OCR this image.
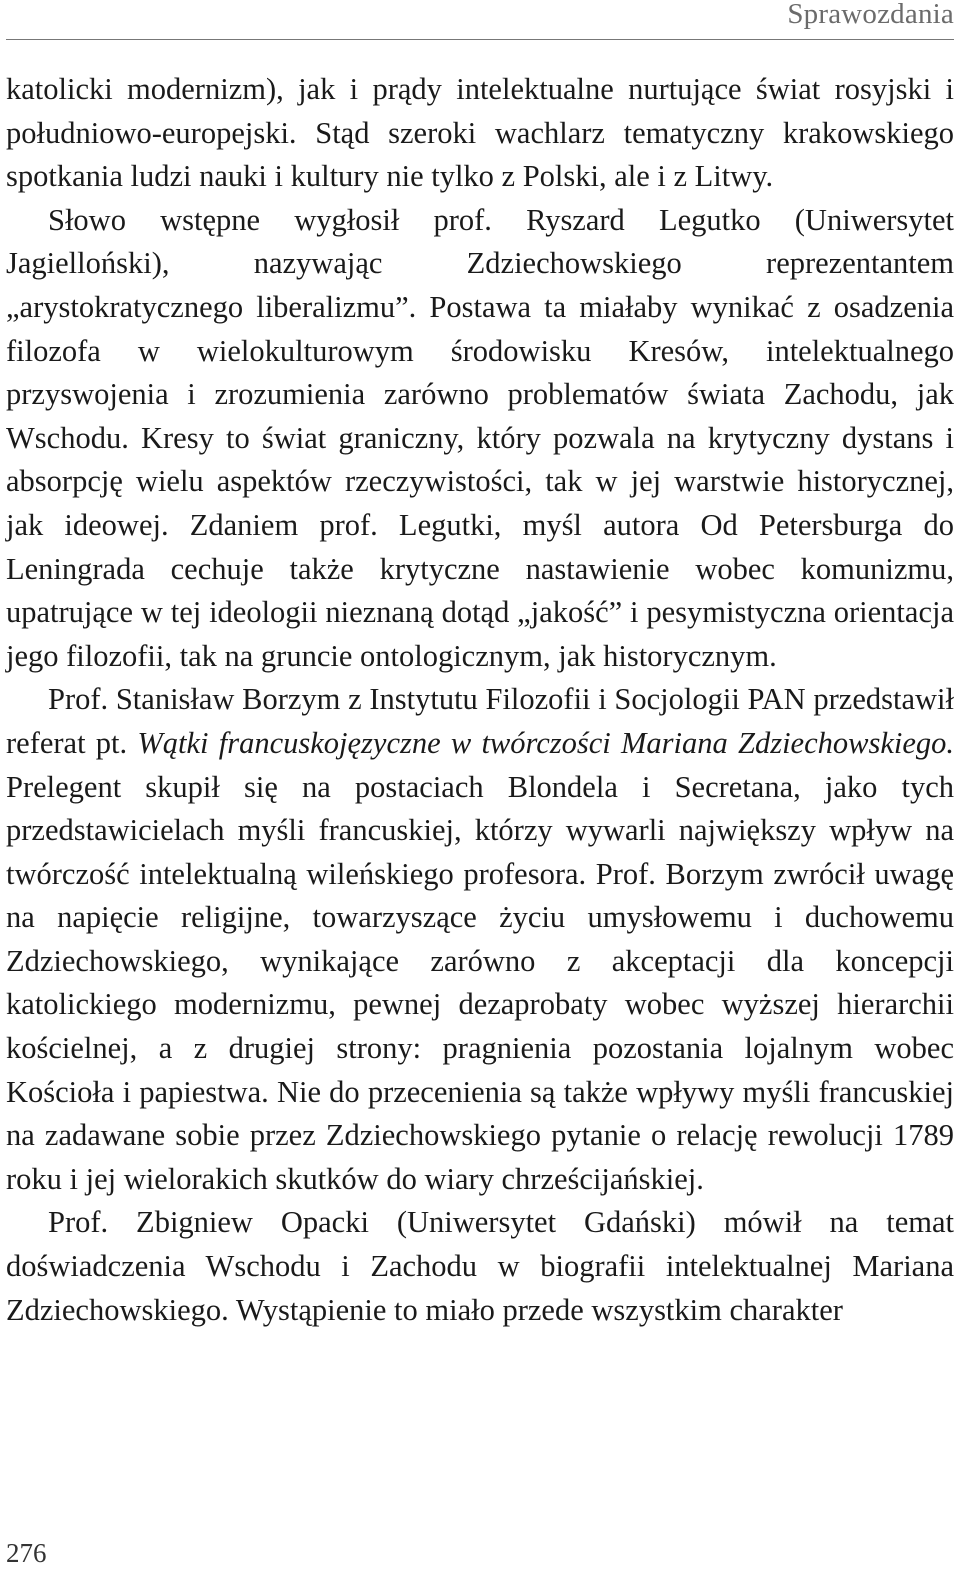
Sprawozdania

katolicki modernizm), jak i prądy intelektualne nurtujące świat rosyjski i południowo-europejski. Stąd szeroki wachlarz tematyczny krakowskiego spotkania ludzi nauki i kultury nie tylko z Polski, ale i z Litwy.

Słowo wstępne wygłosił prof. Ryszard Legutko (Uniwersytet Jagielloński), nazywając Zdziechowskiego reprezentantem „arystokratycznego liberalizmu”. Postawa ta miałaby wynikać z osadzenia filozofa w wielokulturowym środowisku Kresów, intelektualnego przyswojenia i zrozumienia zarówno problematów świata Zachodu, jak Wschodu. Kresy to świat graniczny, który pozwala na krytyczny dystans i absorpcję wielu aspektów rzeczywistości, tak w jej warstwie historycznej, jak ideowej. Zdaniem prof. Legutki, myśl autora Od Petersburga do Leningrada cechuje także krytyczne nastawienie wobec komunizmu, upatrujące w tej ideologii nieznaną dotąd „jakość” i pesymistyczna orientacja jego filozofii, tak na gruncie ontologicznym, jak historycznym.

Prof. Stanisław Borzym z Instytutu Filozofii i Socjologii PAN przedstawił referat pt. Wątki francuskojęzyczne w twórczości Mariana Zdziechowskiego. Prelegent skupił się na postaciach Blondela i Secretana, jako tych przedstawicielach myśli francuskiej, którzy wywarli największy wpływ na twórczość intelektualną wileńskiego profesora. Prof. Borzym zwrócił uwagę na napięcie religijne, towarzyszące życiu umysłowemu i duchowemu Zdziechowskiego, wynikające zarówno z akceptacji dla koncepcji katolickiego modernizmu, pewnej dezaprobaty wobec wyższej hierarchii kościelnej, a z drugiej strony: pragnienia pozostania lojalnym wobec Kościoła i papiestwa. Nie do przecenienia są także wpływy myśli francuskiej na zadawane sobie przez Zdziechowskiego pytanie o relację rewolucji 1789 roku i jej wielorakich skutków do wiary chrześcijańskiej.

Prof. Zbigniew Opacki (Uniwersytet Gdański) mówił na temat doświadczenia Wschodu i Zachodu w biografii intelektualnej Mariana Zdziechowskiego. Wystąpienie to miało przede wszystkim charakter

276
